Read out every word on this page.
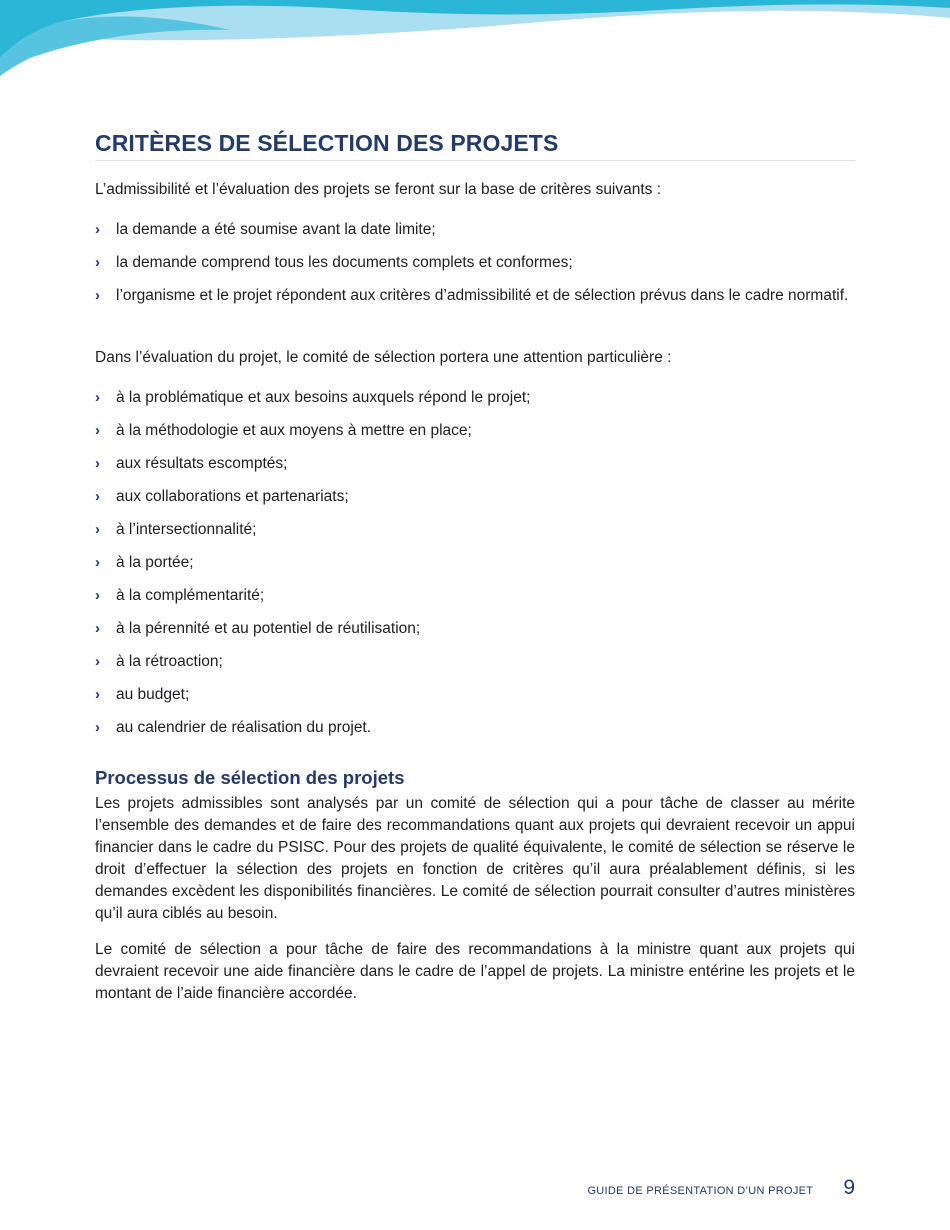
CRITÈRES DE SÉLECTION DES PROJETS

L’admissibilité et l’évaluation des projets se feront sur la base de critères suivants :

› la demande a été soumise avant la date limite;
› la demande comprend tous les documents complets et conformes;
› l’organisme et le projet répondent aux critères d’admissibilité et de sélection prévus dans le cadre normatif.

Dans l’évaluation du projet, le comité de sélection portera une attention particulière :

› à la problématique et aux besoins auxquels répond le projet;
› à la méthodologie et aux moyens à mettre en place;
› aux résultats escomptés;
› aux collaborations et partenariats;
› à l’intersectionnalité;
› à la portée;
› à la complémentarité;
› à la pérennité et au potentiel de réutilisation;
› à la rétroaction;
› au budget;
› au calendrier de réalisation du projet.
Processus de sélection des projets

Les projets admissibles sont analysés par un comité de sélection qui a pour tâche de classer au mérite l’ensemble des demandes et de faire des recommandations quant aux projets qui devraient recevoir un appui financier dans le cadre du PSISC. Pour des projets de qualité équivalente, le comité de sélection se réserve le droit d’effectuer la sélection des projets en fonction de critères qu’il aura préalablement définis, si les demandes excèdent les disponibilités financières. Le comité de sélection pourrait consulter d’autres ministères qu’il aura ciblés au besoin.

Le comité de sélection a pour tâche de faire des recommandations à la ministre quant aux projets qui devraient recevoir une aide financière dans le cadre de l’appel de projets. La ministre entérine les projets et le montant de l’aide financière accordée.

GUIDE DE PRÉSENTATION D’UN PROJET 9
